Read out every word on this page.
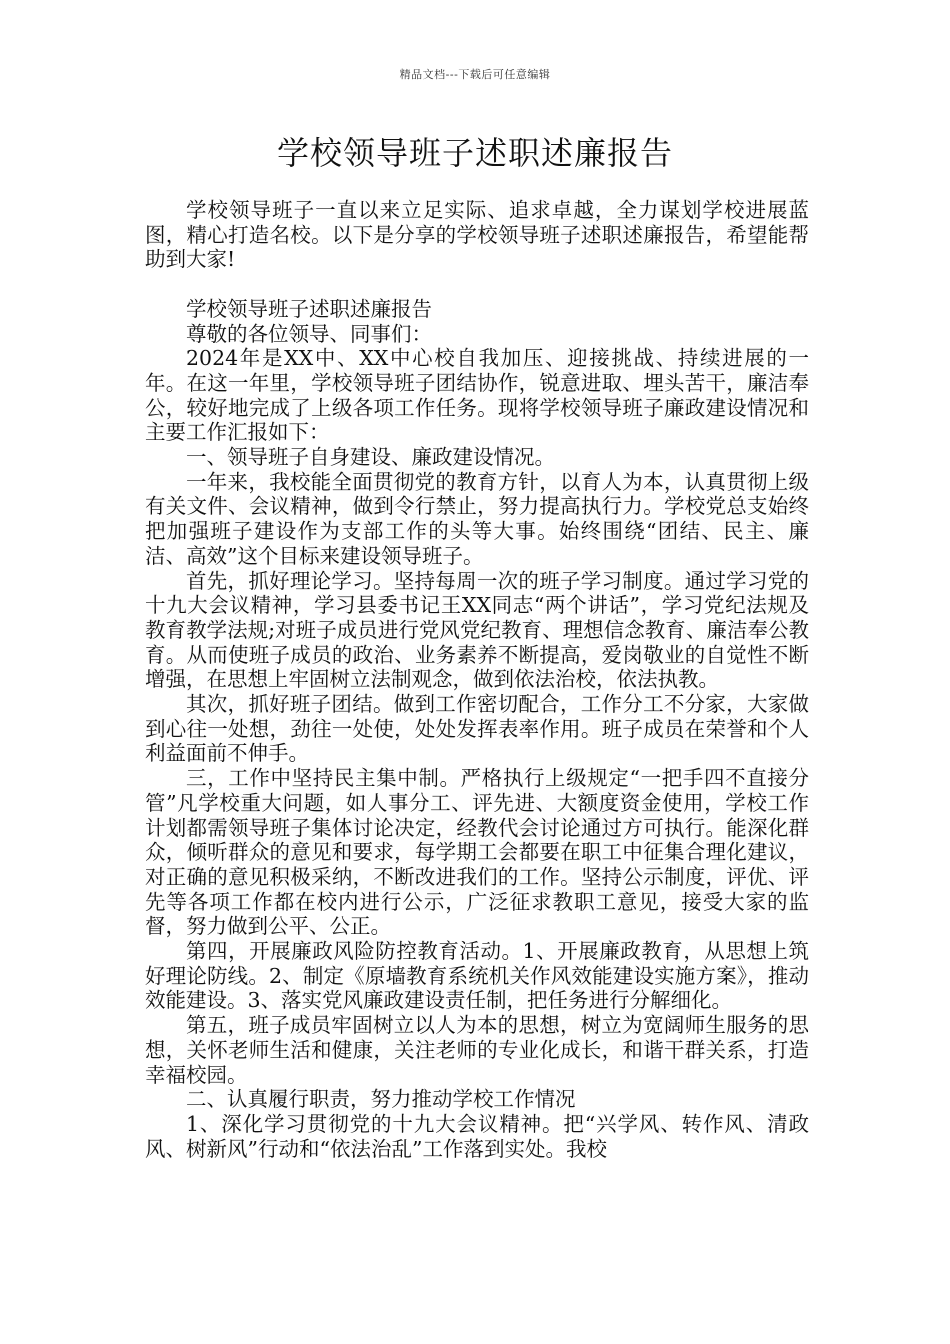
精品文档---下载后可任意编辑
学校领导班子述职述廉报告

学校领导班子一直以来立足实际、追求卓越，全力谋划学校进展蓝图，精心打造名校。以下是分享的学校领导班子述职述廉报告，希望能帮助到大家!

学校领导班子述职述廉报告

尊敬的各位领导、同事们：

2024年是XX中、XX中心校自我加压、迎接挑战、持续进展的一年。在这一年里，学校领导班子团结协作，锐意进取、埋头苦干，廉洁奉公，较好地完成了上级各项工作任务。现将学校领导班子廉政建设情况和主要工作汇报如下：

一、领导班子自身建设、廉政建设情况。

一年来，我校能全面贯彻党的教育方针，以育人为本，认真贯彻上级有关文件、会议精神，做到令行禁止，努力提高执行力。学校党总支始终把加强班子建设作为支部工作的头等大事。始终围绕“团结、民主、廉洁、高效”这个目标来建设领导班子。

首先，抓好理论学习。坚持每周一次的班子学习制度。通过学习党的十九大会议精神，学习县委书记王XX同志“两个讲话”，学习党纪法规及教育教学法规;对班子成员进行党风党纪教育、理想信念教育、廉洁奉公教育。从而使班子成员的政治、业务素养不断提高，爱岗敬业的自觉性不断增强，在思想上牢固树立法制观念，做到依法治校，依法执教。

其次，抓好班子团结。做到工作密切配合，工作分工不分家，大家做到心往一处想，劲往一处使，处处发挥表率作用。班子成员在荣誉和个人利益面前不伸手。

三，工作中坚持民主集中制。严格执行上级规定“一把手四不直接分管”凡学校重大问题，如人事分工、评先进、大额度资金使用，学校工作计划都需领导班子集体讨论决定，经教代会讨论通过方可执行。能深化群众，倾听群众的意见和要求，每学期工会都要在职工中征集合理化建议，对正确的意见积极采纳，不断改进我们的工作。坚持公示制度，评优、评先等各项工作都在校内进行公示，广泛征求教职工意见，接受大家的监督，努力做到公平、公正。

第四，开展廉政风险防控教育活动。1、开展廉政教育，从思想上筑好理论防线。2、制定《原墙教育系统机关作风效能建设实施方案》，推动效能建设。3、落实党风廉政建设责任制，把任务进行分解细化。

第五，班子成员牢固树立以人为本的思想，树立为宽阔师生服务的思想，关怀老师生活和健康，关注老师的专业化成长，和谐干群关系，打造幸福校园。

二、认真履行职责，努力推动学校工作情况

1、深化学习贯彻党的十九大会议精神。把“兴学风、转作风、清政风、树新风”行动和“依法治乱”工作落到实处。我校
